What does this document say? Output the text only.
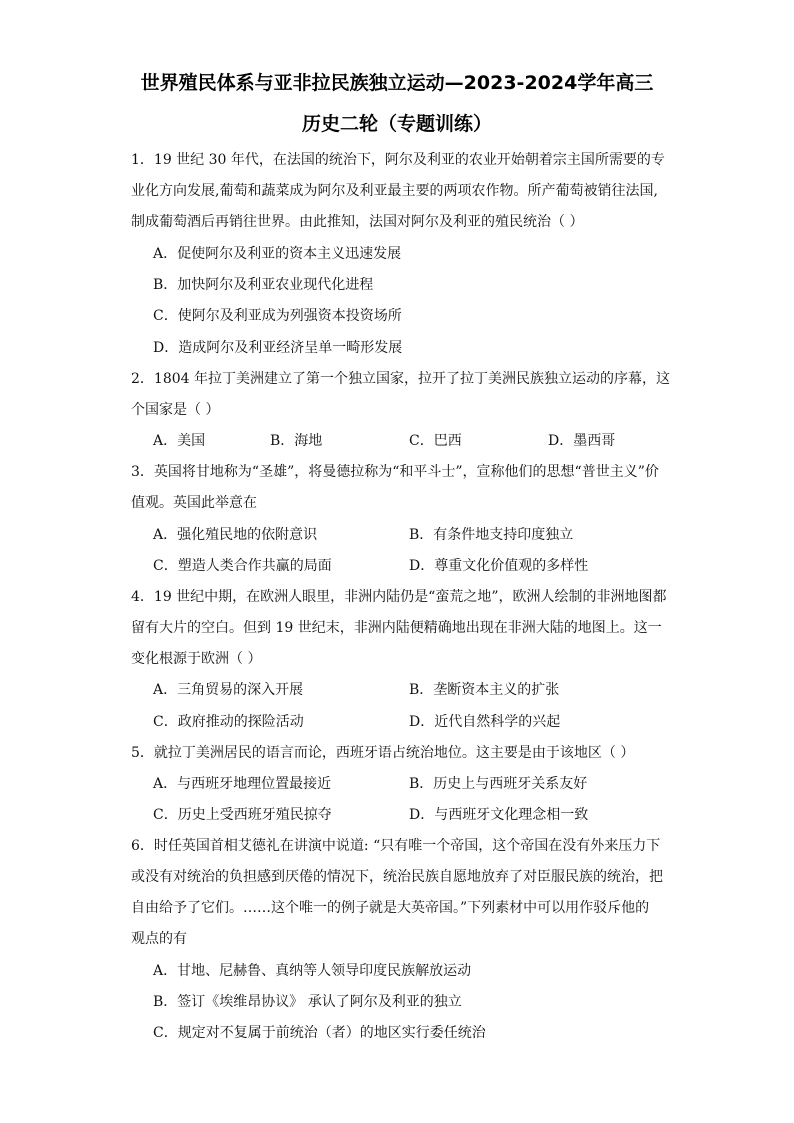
世界殖民体系与亚非拉民族独立运动—2023-2024学年高三
历史二轮（专题训练）
1．19 世纪 30 年代，在法国的统治下，阿尔及利亚的农业开始朝着宗主国所需要的专
业化方向发展,葡萄和蔬菜成为阿尔及利亚最主要的两项农作物。所产葡萄被销往法国,
制成葡萄酒后再销往世界。由此推知，法国对阿尔及利亚的殖民统治（ ）
A．促使阿尔及利亚的资本主义迅速发展
B．加快阿尔及利亚农业现代化进程
C．使阿尔及利亚成为列强资本投资场所
D．造成阿尔及利亚经济呈单一畸形发展
2．1804 年拉丁美洲建立了第一个独立国家，拉开了拉丁美洲民族独立运动的序幕，这
个国家是（ ）
A．美国	B．海地	C．巴西	D．墨西哥
3．英国将甘地称为“圣雄”，将曼德拉称为“和平斗士”，宣称他们的思想“普世主义”价
值观。英国此举意在
A．强化殖民地的依附意识	B．有条件地支持印度独立
C．塑造人类合作共赢的局面	D．尊重文化价值观的多样性
4．19 世纪中期，在欧洲人眼里，非洲内陆仍是“蛮荒之地”，欧洲人绘制的非洲地图都
留有大片的空白。但到 19 世纪末，非洲内陆便精确地出现在非洲大陆的地图上。这一
变化根源于欧洲（ ）
A．三角贸易的深入开展	B．垄断资本主义的扩张
C．政府推动的探险活动	D．近代自然科学的兴起
5．就拉丁美洲居民的语言而论，西班牙语占统治地位。这主要是由于该地区（ ）
A．与西班牙地理位置最接近	B．历史上与西班牙关系友好
C．历史上受西班牙殖民掠夺	D．与西班牙文化理念相一致
6．时任英国首相艾德礼在讲演中说道: “只有唯一个帝国，这个帝国在没有外来压力下
或没有对统治的负担感到厌倦的情况下，统治民族自愿地放弃了对臣服民族的统治，把
自由给予了它们。……这个唯一的例子就是大英帝国。”下列素材中可以用作驳斥他的
观点的有
A．甘地、尼赫鲁、真纳等人领导印度民族解放运动
B．签订《埃维昂协议》 承认了阿尔及利亚的独立
C．规定对不复属于前统治（者）的地区实行委任统治
